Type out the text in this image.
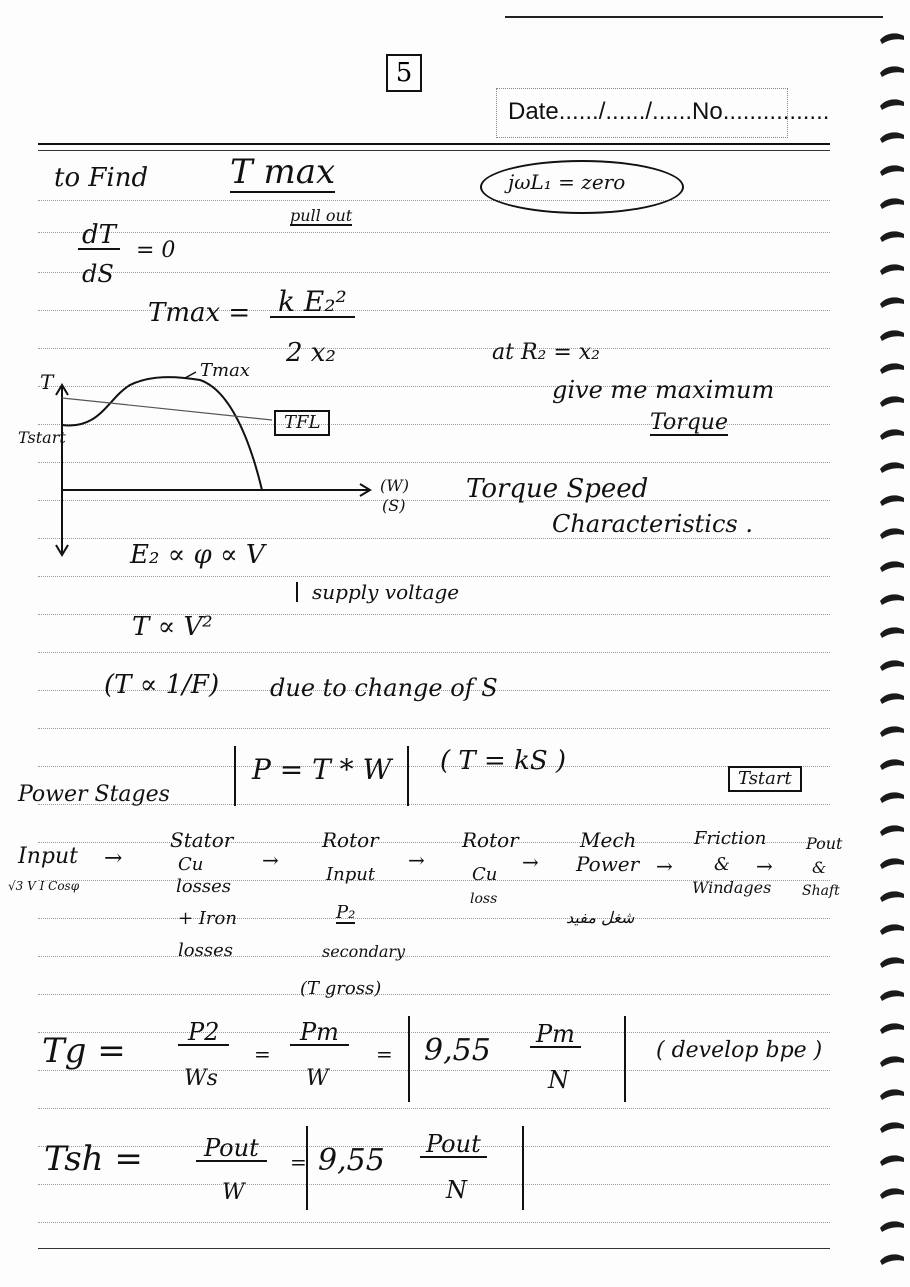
5
Date....../....../......No................
to Find T max
pull out
jωL₁ = zero
dT
dS
= 0
Tmax = k E₂²
2 x₂	at R₂ = x₂
give me maximum
Torque
T	Tmax
TFL
Tstart
(W)
(S)
Torque Speed
Characteristics .
E₂ ∝ φ ∝ V
supply voltage
T ∝ V²
(T ∝ 1/F) due to change of S
P = T * W	( T = kS )
Tstart
Power Stages
Input
√3 V I Cosφ
→
Stator
Cu
losses
+ Iron
losses
→
Rotor
Input
P₂
secondary
(T gross)
→
Rotor
Cu
loss
→
Mech
Power
شغل مفيد
→
Friction
&
Windages
→
Pout
&
Shaft
Tg =	P2
Ws
=
Pm
W
= 9,55 Pm
N
( develop bpe )
Tsh =	Pout
W
= 9,55 Pout
N
